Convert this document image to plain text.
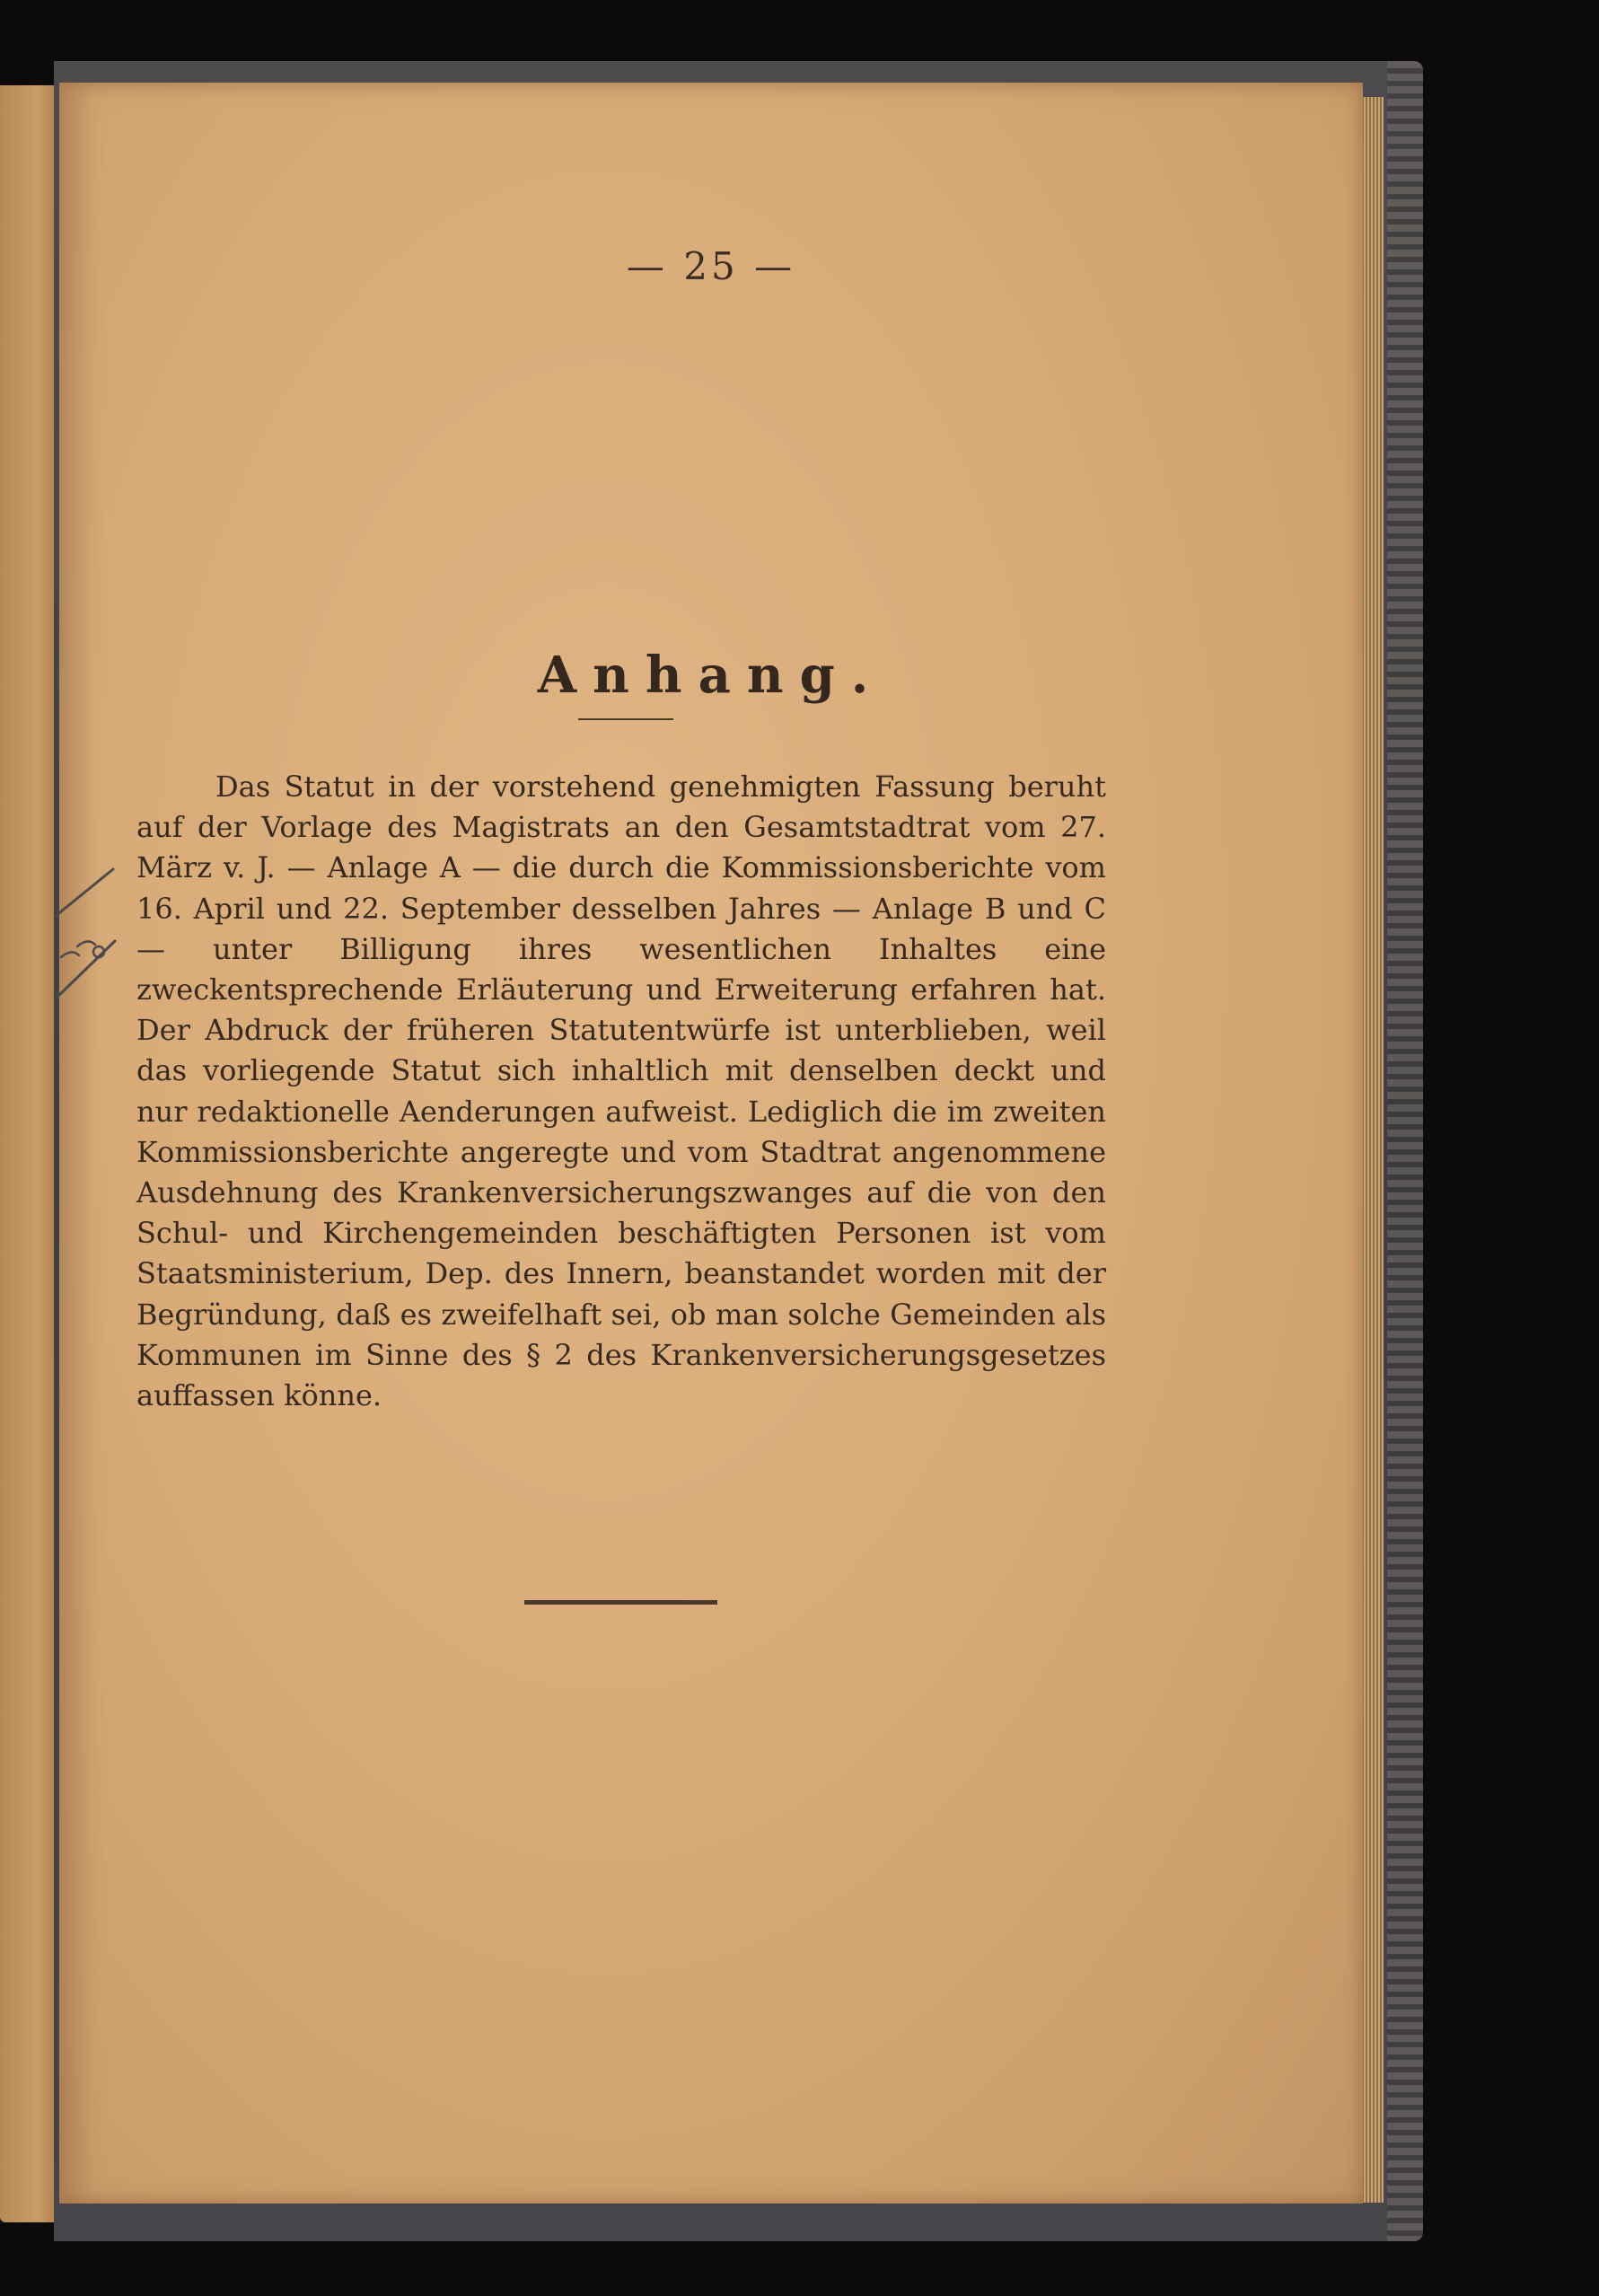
— 25 —
Anhang.
Das Statut in der vorstehend genehmigten Fassung beruht auf der Vorlage des Magistrats an den Gesamtstadtrat vom 27. März v. J. — Anlage A — die durch die Kommissionsberichte vom 16. April und 22. September desselben Jahres — Anlage B und C — unter Billigung ihres wesentlichen Inhaltes eine zweckentsprechende Erläuterung und Erweiterung erfahren hat. Der Abdruck der früheren Statutentwürfe ist unterblieben, weil das vorliegende Statut sich inhaltlich mit denselben deckt und nur redaktionelle Aenderungen aufweist. Lediglich die im zweiten Kommissionsberichte angeregte und vom Stadtrat angenommene Ausdehnung des Krankenversicherungszwanges auf die von den Schul- und Kirchengemeinden beschäftigten Personen ist vom Staatsministerium, Dep. des Innern, beanstandet worden mit der Begründung, daß es zweifelhaft sei, ob man solche Gemeinden als Kommunen im Sinne des § 2 des Krankenversicherungsgesetzes auffassen könne.
